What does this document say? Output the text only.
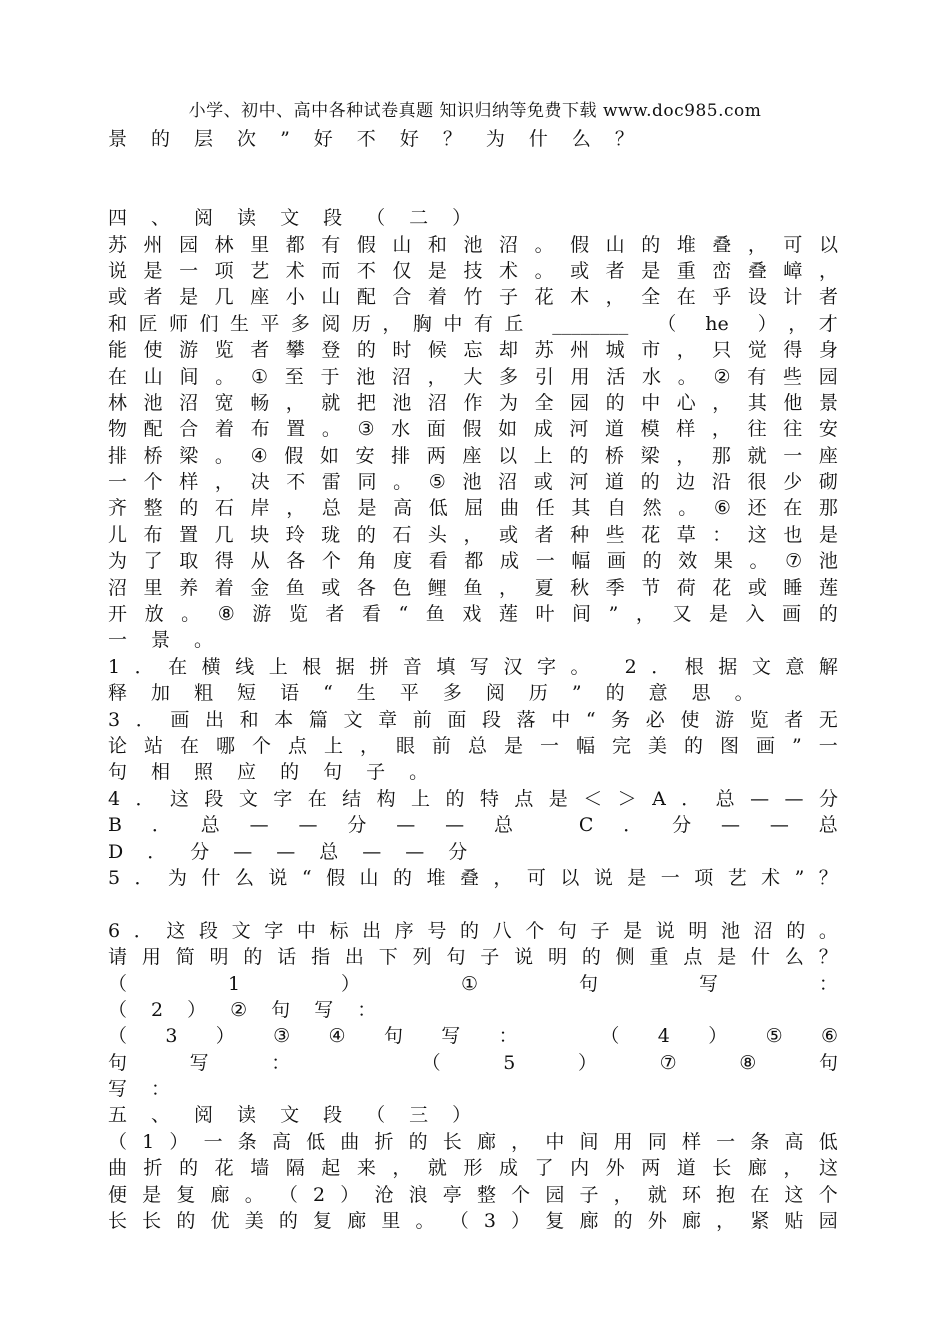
小学、初中、高中各种试卷真题 知识归纳等免费下载 www.doc985.com
景 的 层 次 ” 好 不 好 ？ 为 什 么 ？
四 、 阅 读 文 段 （ 二 ）
苏 州 园 林 里 都 有 假 山 和 池 沼 。 假 山 的 堆 叠 ， 可 以
说 是 一 项 艺 术 而 不 仅 是 技 术 。 或 者 是 重 峦 叠 嶂 ，
或 者 是 几 座 小 山 配 合 着 竹 子 花 木 ， 全 在 乎 设 计 者
和 匠 师 们 生 平 多 阅 历 ， 胸 中 有 丘
________
（
he
） ， 才
能 使 游 览 者 攀 登 的 时 候 忘 却 苏 州 城 市 ， 只 觉 得 身
在 山 间 。 ① 至 于 池 沼 ， 大 多 引 用 活 水 。 ② 有 些 园
林 池 沼 宽 畅 ， 就 把 池 沼 作 为 全 园 的 中 心 ， 其 他 景
物 配 合 着 布 置 。 ③ 水 面 假 如 成 河 道 模 样 ， 往 往 安
排 桥 梁 。 ④ 假 如 安 排 两 座 以 上 的 桥 梁 ， 那 就 一 座
一 个 样 ， 决 不 雷 同 。 ⑤ 池 沼 或 河 道 的 边 沿 很 少 砌
齐 整 的 石 岸 ， 总 是 高 低 屈 曲 任 其 自 然 。 ⑥ 还 在 那
儿 布 置 几 块 玲 珑 的 石 头 ， 或 者 种 些 花 草 ： 这 也 是
为 了 取 得 从 各 个 角 度 看 都 成 一 幅 画 的 效 果 。 ⑦ 池
沼 里 养 着 金 鱼 或 各 色 鲤 鱼 ， 夏 秋 季 节 荷 花 或 睡 莲
开 放 。 ⑧ 游 览 者 看 “ 鱼 戏 莲 叶 间 ” ， 又 是 入 画 的
一 景 。
1 ． 在 横 线 上 根 据 拼 音 填 写 汉 字 。
2 ． 根 据 文 意 解
释 加 粗 短 语 “ 生 平 多 阅 历 ” 的 意 思 。
3 ． 画 出 和 本 篇 文 章 前 面 段 落 中 “ 务 必 使 游 览 者 无
论 站 在 哪 个 点 上 ， 眼 前 总 是 一 幅 完 美 的 图 画 ” 一
句 相 照 应 的 句 子 。
4 ． 这 段 文 字 在 结 构 上 的 特 点 是 ＜ ＞ A ． 总 — — 分
B ． 总 — — 分 — — 总
	C ． 分 — — 总
D ． 分 — — 总 — — 分
5 ． 为 什 么 说 “ 假 山 的 堆 叠 ， 可 以 说 是 一 项 艺 术 ” ？
6 ． 这 段 文 字 中 标 出 序 号 的 八 个 句 子 是 说 明 池 沼 的 。
请 用 简 明 的 话 指 出 下 列 句 子 说 明 的 侧 重 点 是 什 么 ？
（	1	）	①	句	写	：
（ 2 ） ② 句 写 ：
（ 3 ） ③ ④ 句 写 ：
	（ 4 ） ⑤ ⑥
句	写	：
	（	5	）	⑦	⑧	句
写 ：
五 、 阅 读 文 段 （ 三 ）
（ 1 ） 一 条 高 低 曲 折 的 长 廊 ， 中 间 用 同 样 一 条 高 低
曲 折 的 花 墙 隔 起 来 ， 就 形 成 了 内 外 两 道 长 廊 ， 这
便 是 复 廊 。 （ 2 ） 沧 浪 亭 整 个 园 子 ， 就 环 抱 在 这 个
长 长 的 优 美 的 复 廊 里 。 （ 3 ） 复 廊 的 外 廊 ， 紧 贴 园
